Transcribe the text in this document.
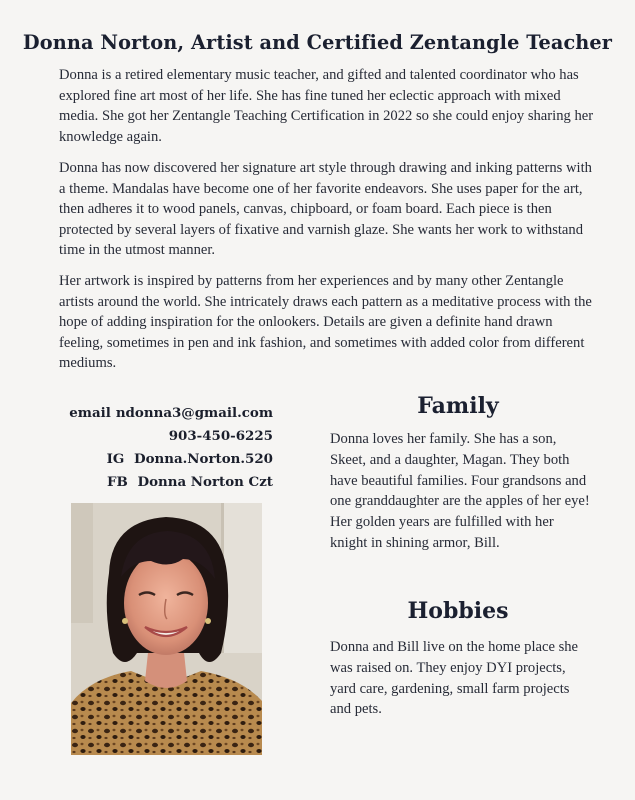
Donna Norton, Artist and Certified Zentangle Teacher
Donna is a retired elementary music teacher, and gifted and talented coordinator who has explored fine art most of her life. She has fine tuned her eclectic approach with mixed media. She got her Zentangle Teaching Certification in 2022 so she could enjoy sharing her knowledge again.
Donna has now discovered her signature art style through drawing and inking patterns with a theme. Mandalas have become one of her favorite endeavors. She uses paper for the art, then adheres it to wood panels, canvas, chipboard, or foam board. Each piece is then protected by several layers of fixative and varnish glaze. She wants her work to withstand time in the utmost manner.
Her artwork is inspired by patterns from her experiences and by many other Zentangle artists around the world. She intricately draws each pattern as a meditative process with the hope of adding inspiration for the onlookers. Details are given a definite hand drawn feeling, sometimes in pen and ink fashion, and sometimes with added color from different mediums.
email ndonna3@gmail.com
903-450-6225
IG Donna.Norton.520
FB Donna Norton Czt
Family
Donna loves her family. She has a son, Skeet, and a daughter, Magan. They both have beautiful families. Four grandsons and one granddaughter are the apples of her eye! Her golden years are fulfilled with her knight in shining armor, Bill.
Hobbies
Donna and Bill live on the home place she was raised on. They enjoy DYI projects, yard care, gardening, small farm projects and pets.
